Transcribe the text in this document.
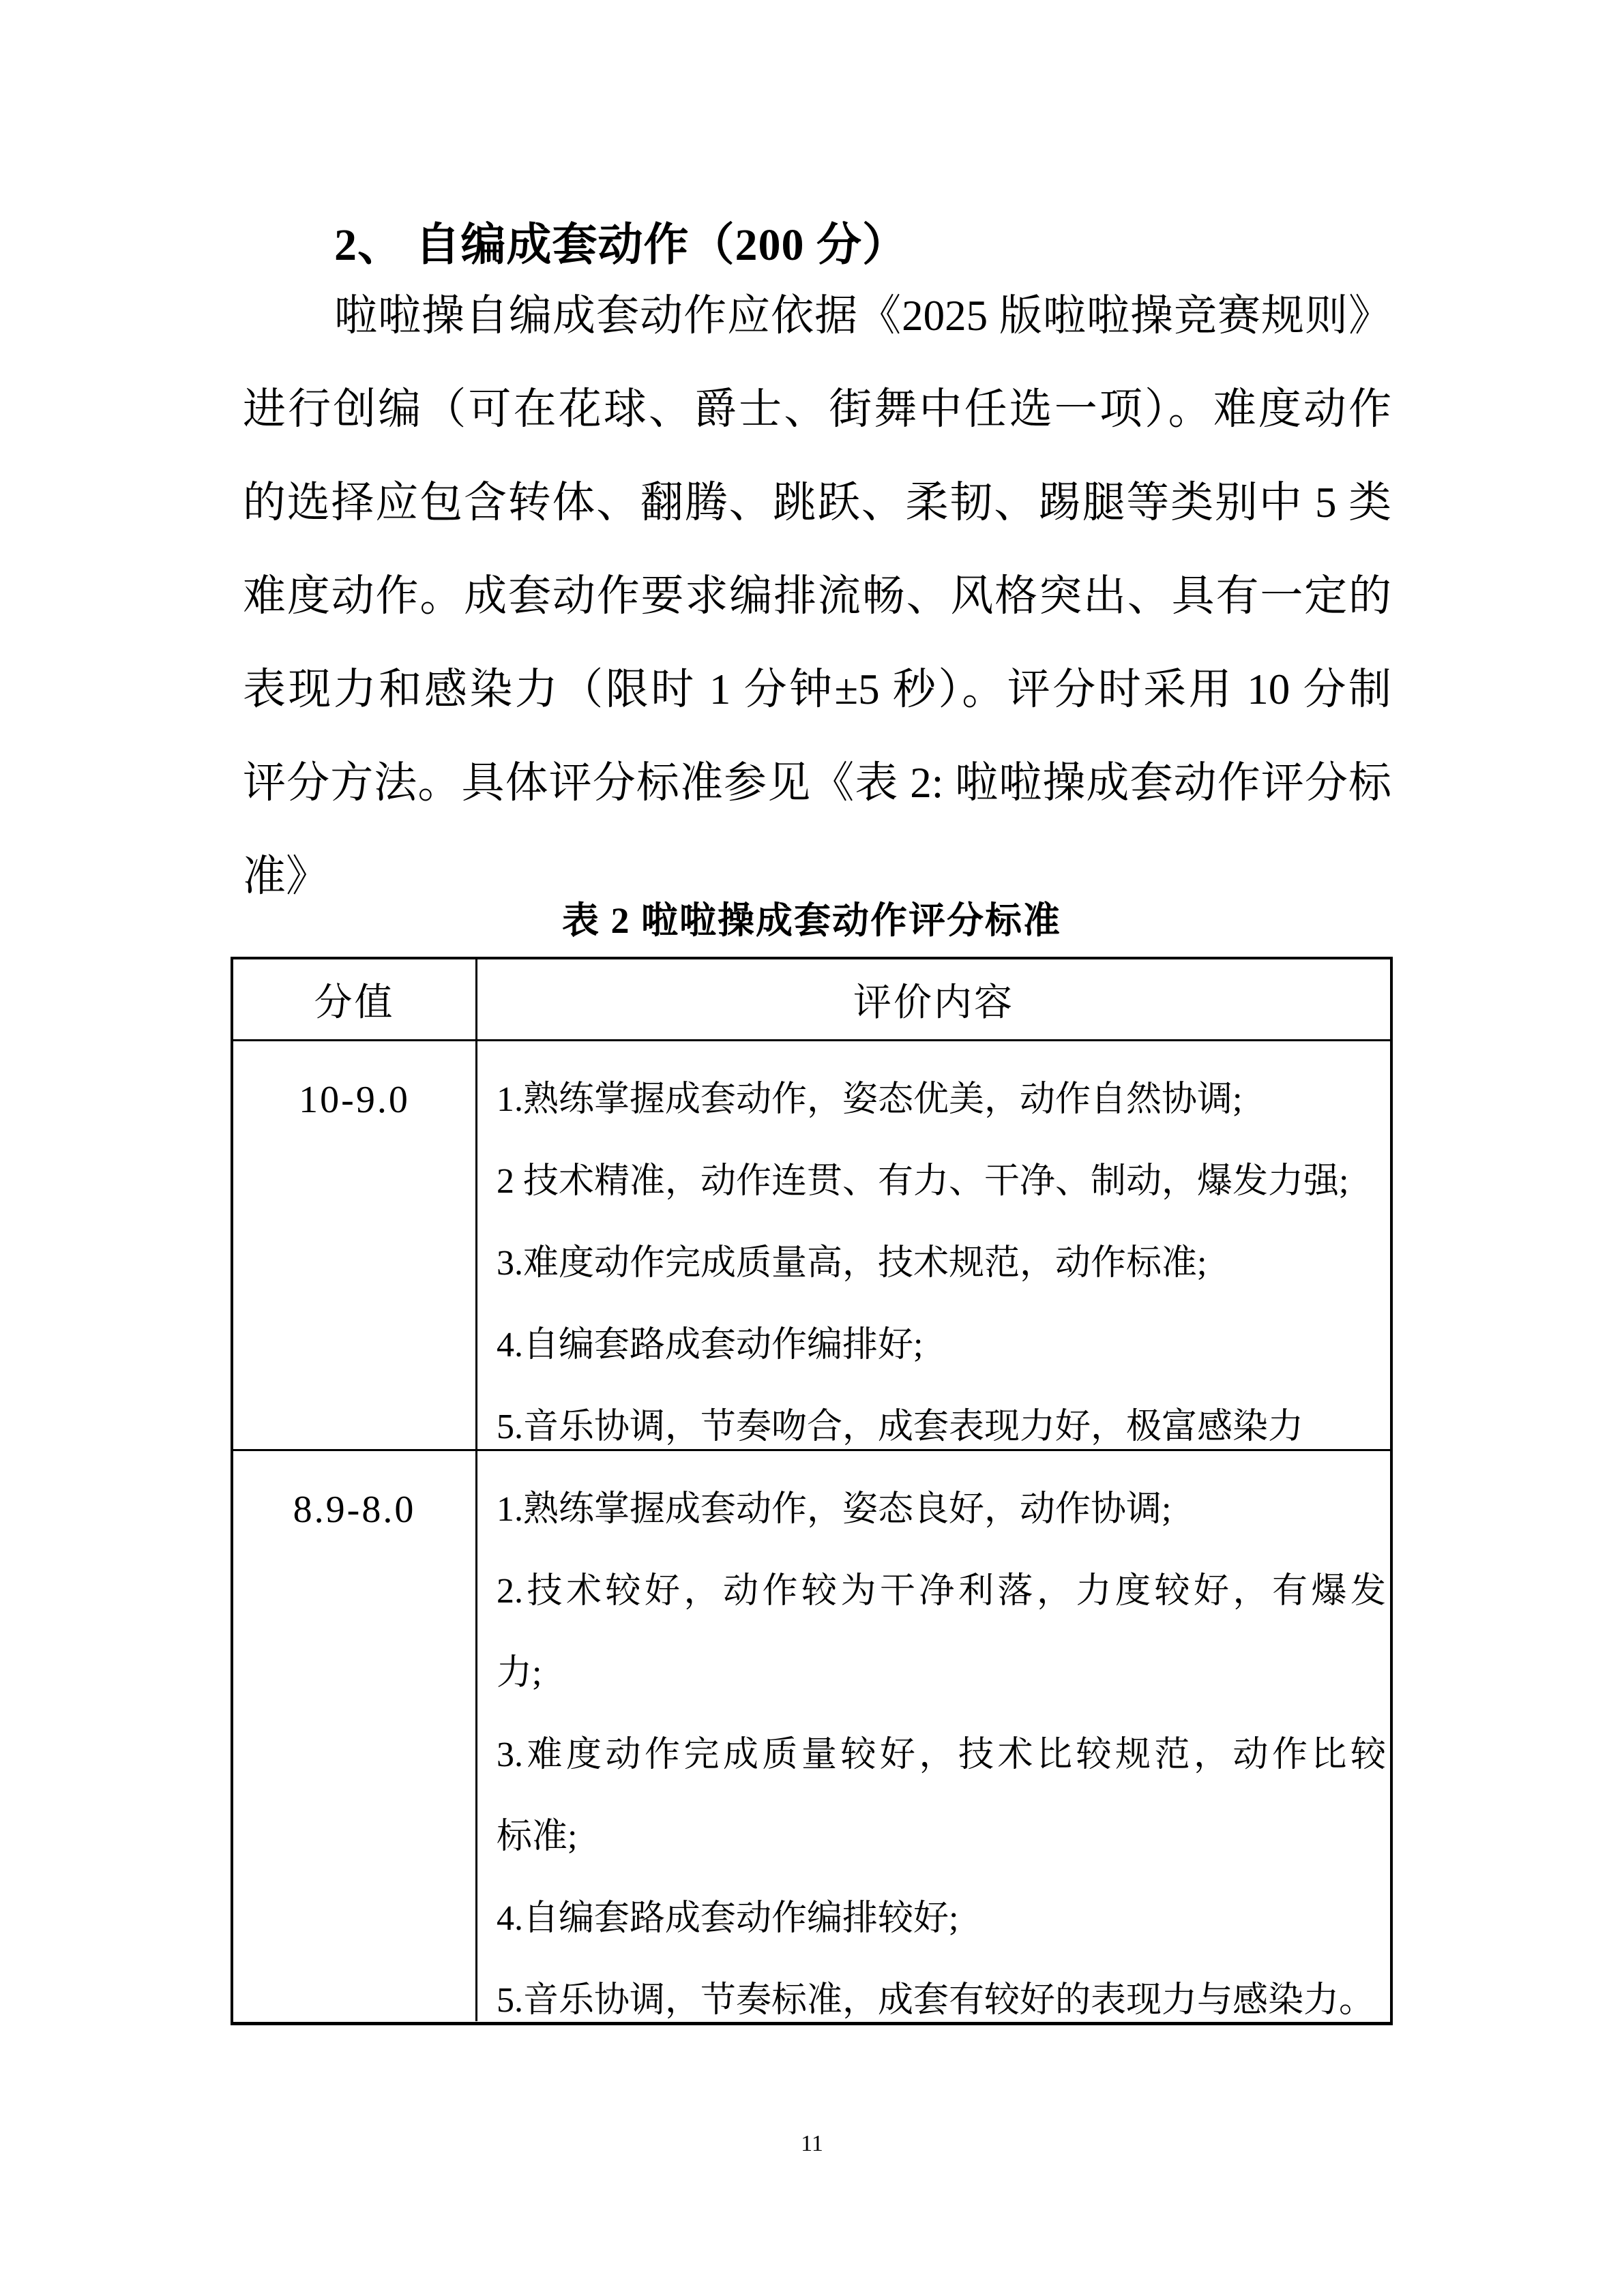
2、 自编成套动作（200 分）
啦啦操自编成套动作应依据《2025 版啦啦操竞赛规则》
进行创编（可在花球、爵士、街舞中任选一项）。难度动作
的选择应包含转体、翻腾、跳跃、柔韧、踢腿等类别中 5 类
难度动作。成套动作要求编排流畅、风格突出、具有一定的
表现力和感染力（限时 1 分钟±5 秒）。评分时采用 10 分制
评分方法。具体评分标准参见《表 2: 啦啦操成套动作评分标
准》
表 2 啦啦操成套动作评分标准
分值	评价内容
10-9.0	1.熟练掌握成套动作，姿态优美，动作自然协调;
2 技术精准，动作连贯、有力、干净、制动，爆发力强;
3.难度动作完成质量高，技术规范，动作标准;
4.自编套路成套动作编排好;
5.音乐协调，节奏吻合，成套表现力好，极富感染力
8.9-8.0	1.熟练掌握成套动作，姿态良好，动作协调;
2.技术较好，动作较为干净利落，力度较好，有爆发
力;
3.难度动作完成质量较好，技术比较规范，动作比较
标准;
4.自编套路成套动作编排较好;
5.音乐协调，节奏标准，成套有较好的表现力与感染力。
11
